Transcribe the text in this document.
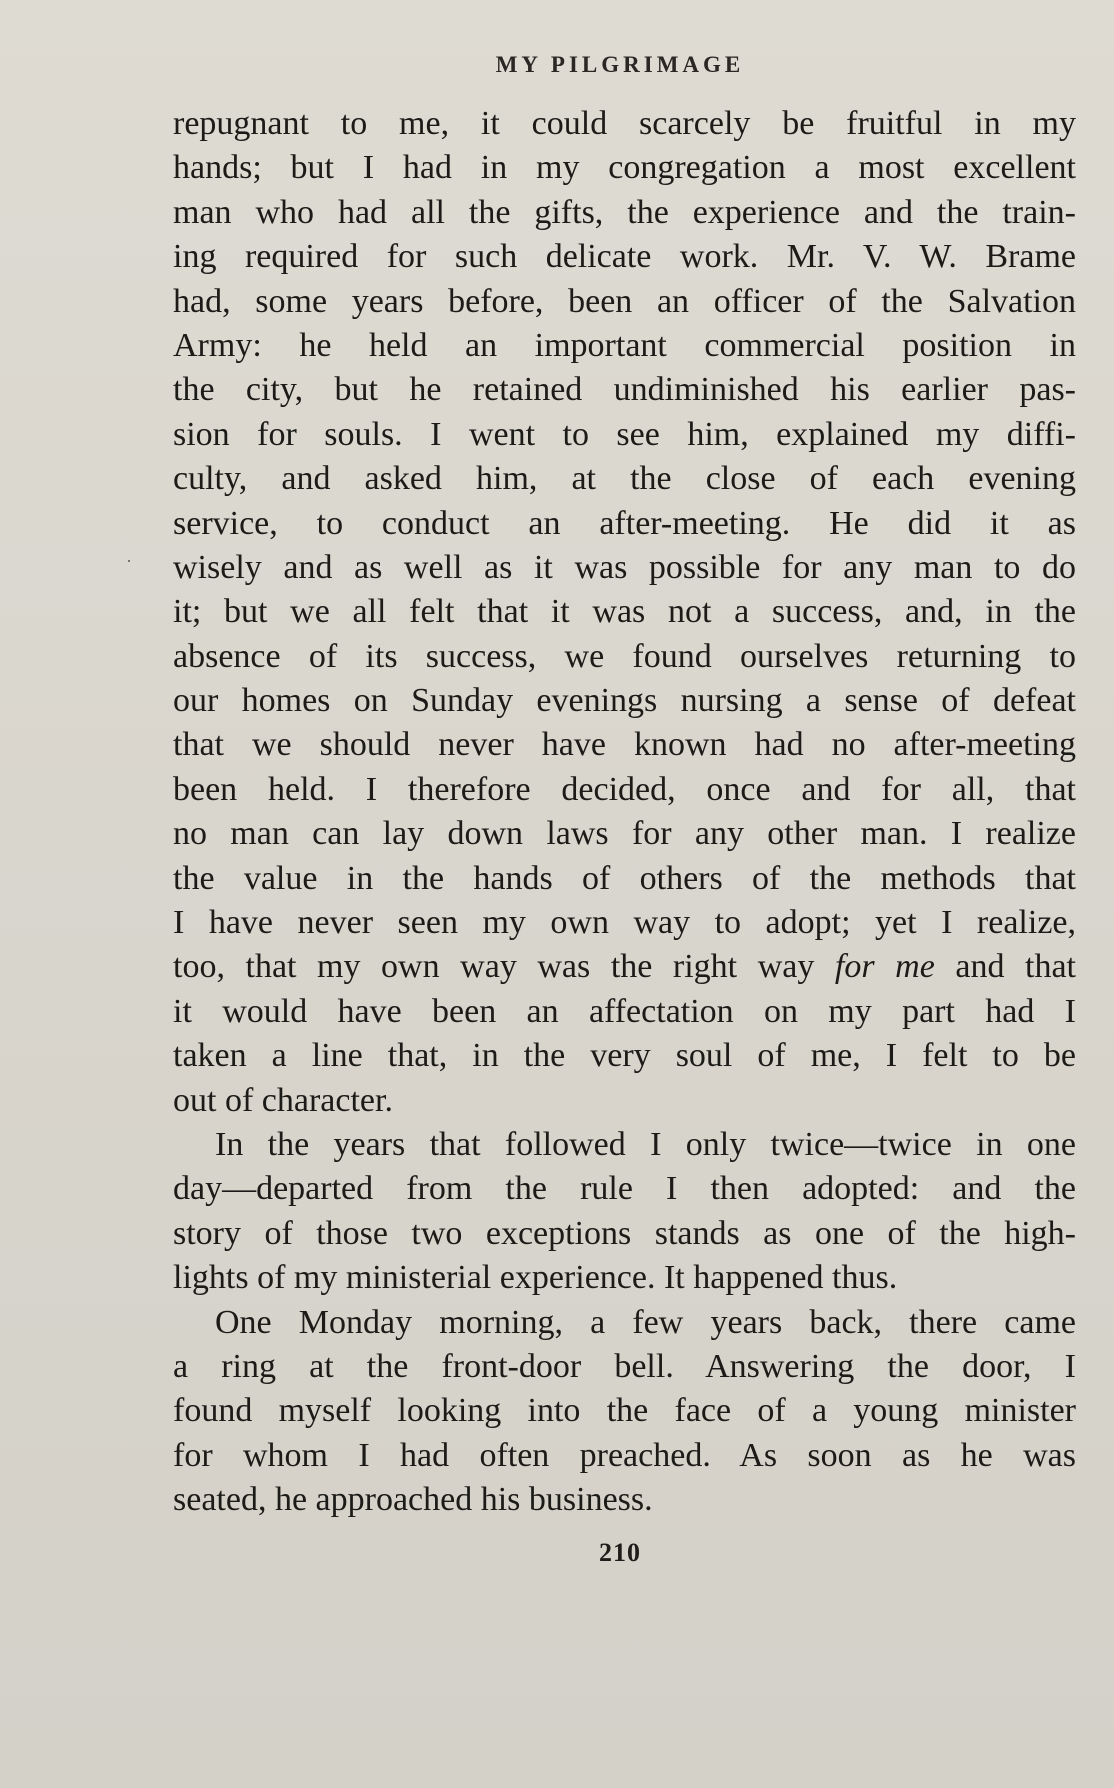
MY PILGRIMAGE
repugnant to me, it could scarcely be fruitful in my
hands; but I had in my congregation a most excellent
man who had all the gifts, the experience and the train-
ing required for such delicate work. Mr. V. W. Brame
had, some years before, been an officer of the Salvation
Army: he held an important commercial position in
the city, but he retained undiminished his earlier pas-
sion for souls. I went to see him, explained my diffi-
culty, and asked him, at the close of each evening
service, to conduct an after-meeting. He did it as
wisely and as well as it was possible for any man to do
it; but we all felt that it was not a success, and, in the
absence of its success, we found ourselves returning to
our homes on Sunday evenings nursing a sense of defeat
that we should never have known had no after-meeting
been held. I therefore decided, once and for all, that
no man can lay down laws for any other man. I realize
the value in the hands of others of the methods that
I have never seen my own way to adopt; yet I realize,
too, that my own way was the right way for me and that
it would have been an affectation on my part had I
taken a line that, in the very soul of me, I felt to be
out of character.
In the years that followed I only twice—twice in one
day—departed from the rule I then adopted: and the
story of those two exceptions stands as one of the high-
lights of my ministerial experience. It happened thus.
One Monday morning, a few years back, there came
a ring at the front-door bell. Answering the door, I
found myself looking into the face of a young minister
for whom I had often preached. As soon as he was
seated, he approached his business.
210
